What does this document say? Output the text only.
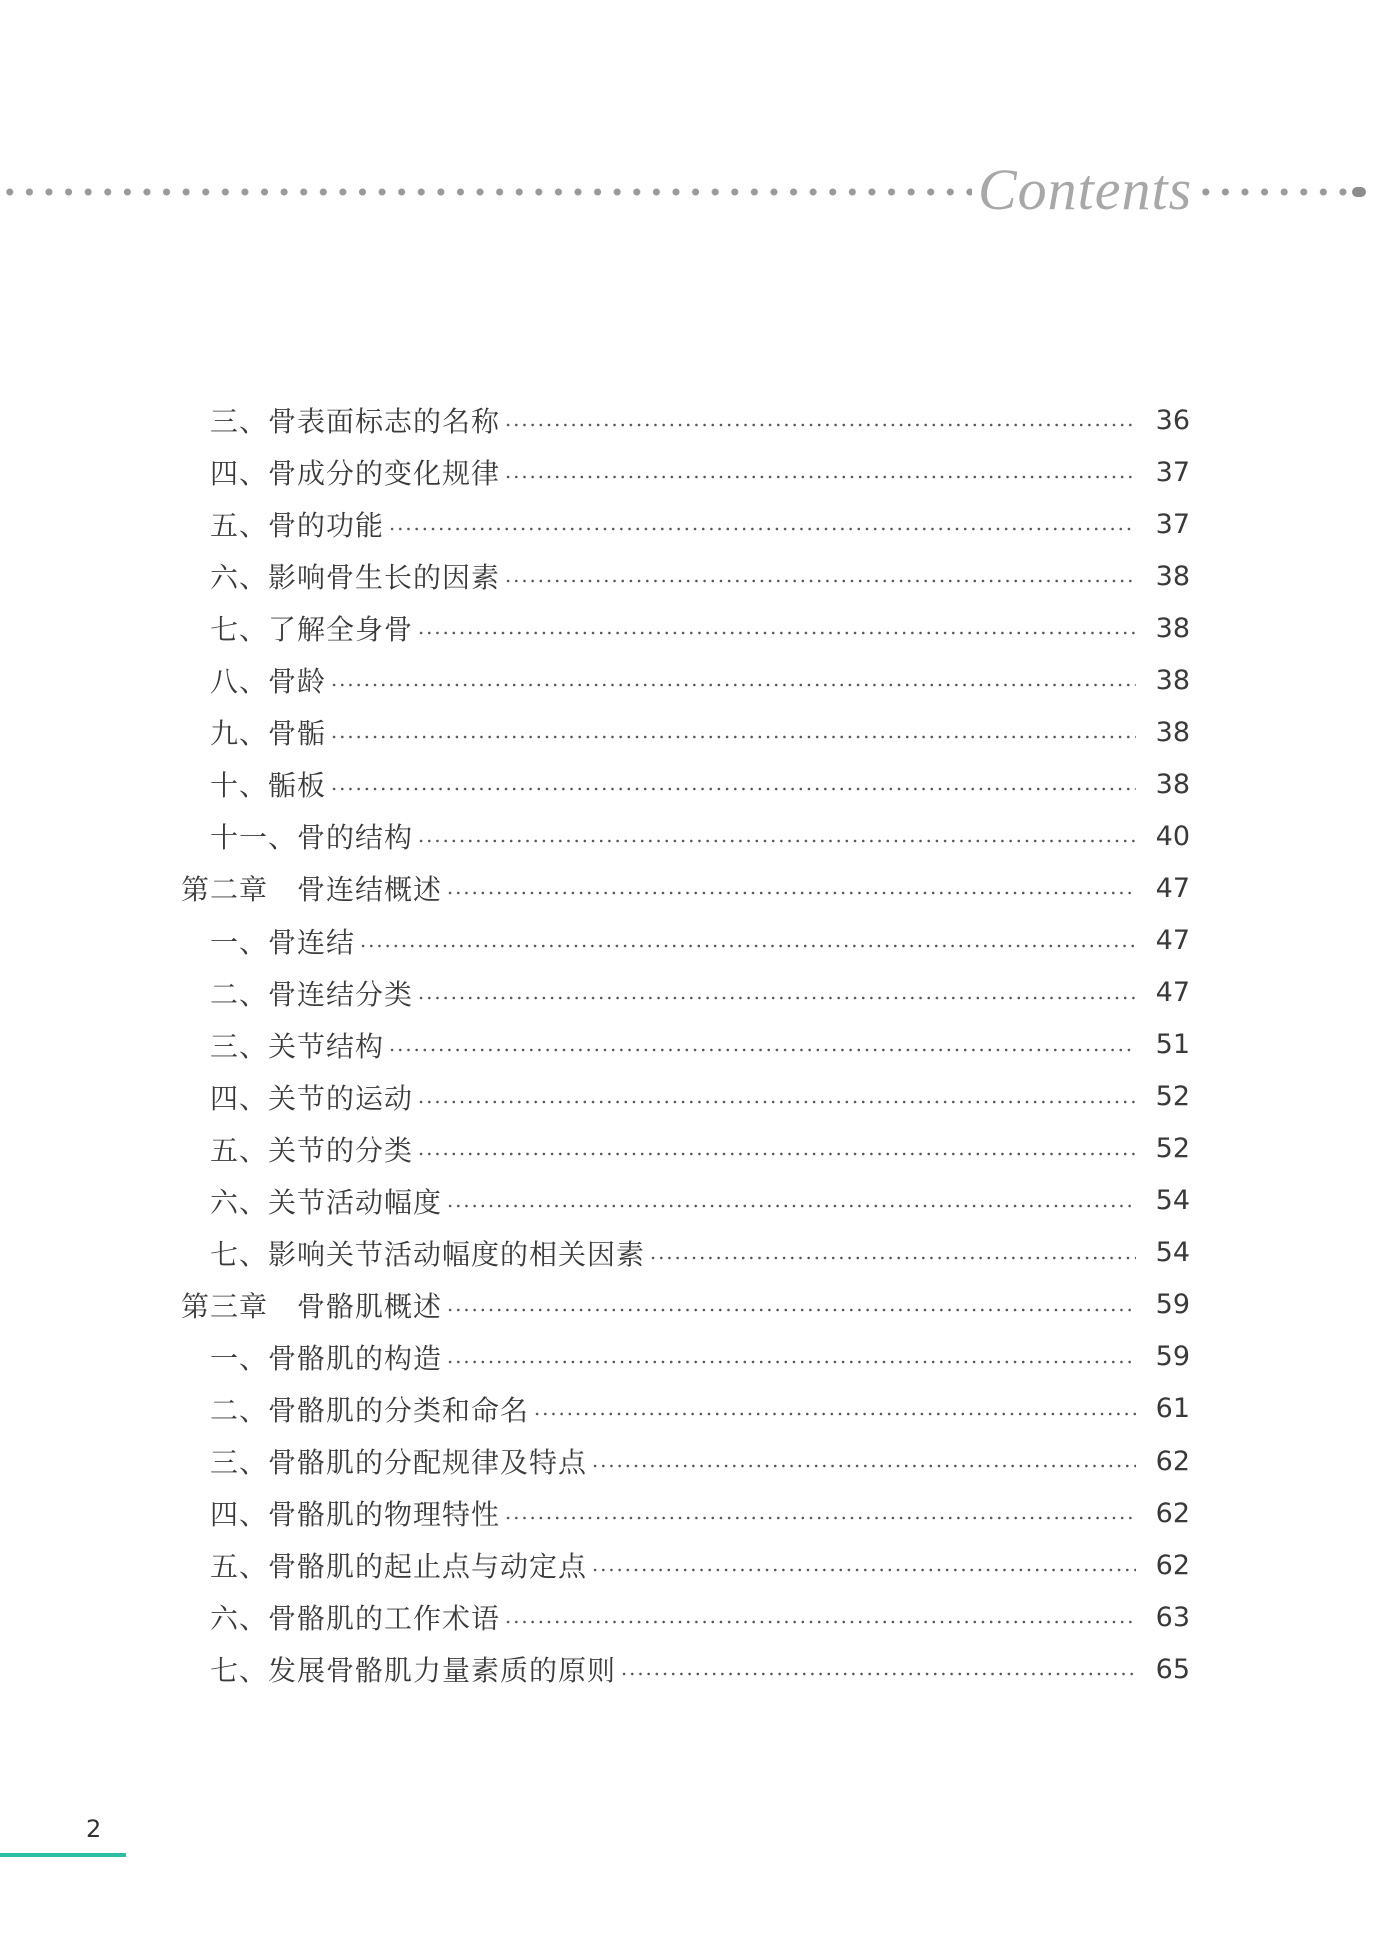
Contents
三、骨表面标志的名称	36
四、骨成分的变化规律	37
五、骨的功能	37
六、影响骨生长的因素	38
七、了解全身骨	38
八、骨龄	38
九、骨骺	38
十、骺板	38
十一、骨的结构	40
第二章　骨连结概述	47
一、骨连结	47
二、骨连结分类	47
三、关节结构	51
四、关节的运动	52
五、关节的分类	52
六、关节活动幅度	54
七、影响关节活动幅度的相关因素	54
第三章　骨骼肌概述	59
一、骨骼肌的构造	59
二、骨骼肌的分类和命名	61
三、骨骼肌的分配规律及特点	62
四、骨骼肌的物理特性	62
五、骨骼肌的起止点与动定点	62
六、骨骼肌的工作术语	63
七、发展骨骼肌力量素质的原则	65
2
